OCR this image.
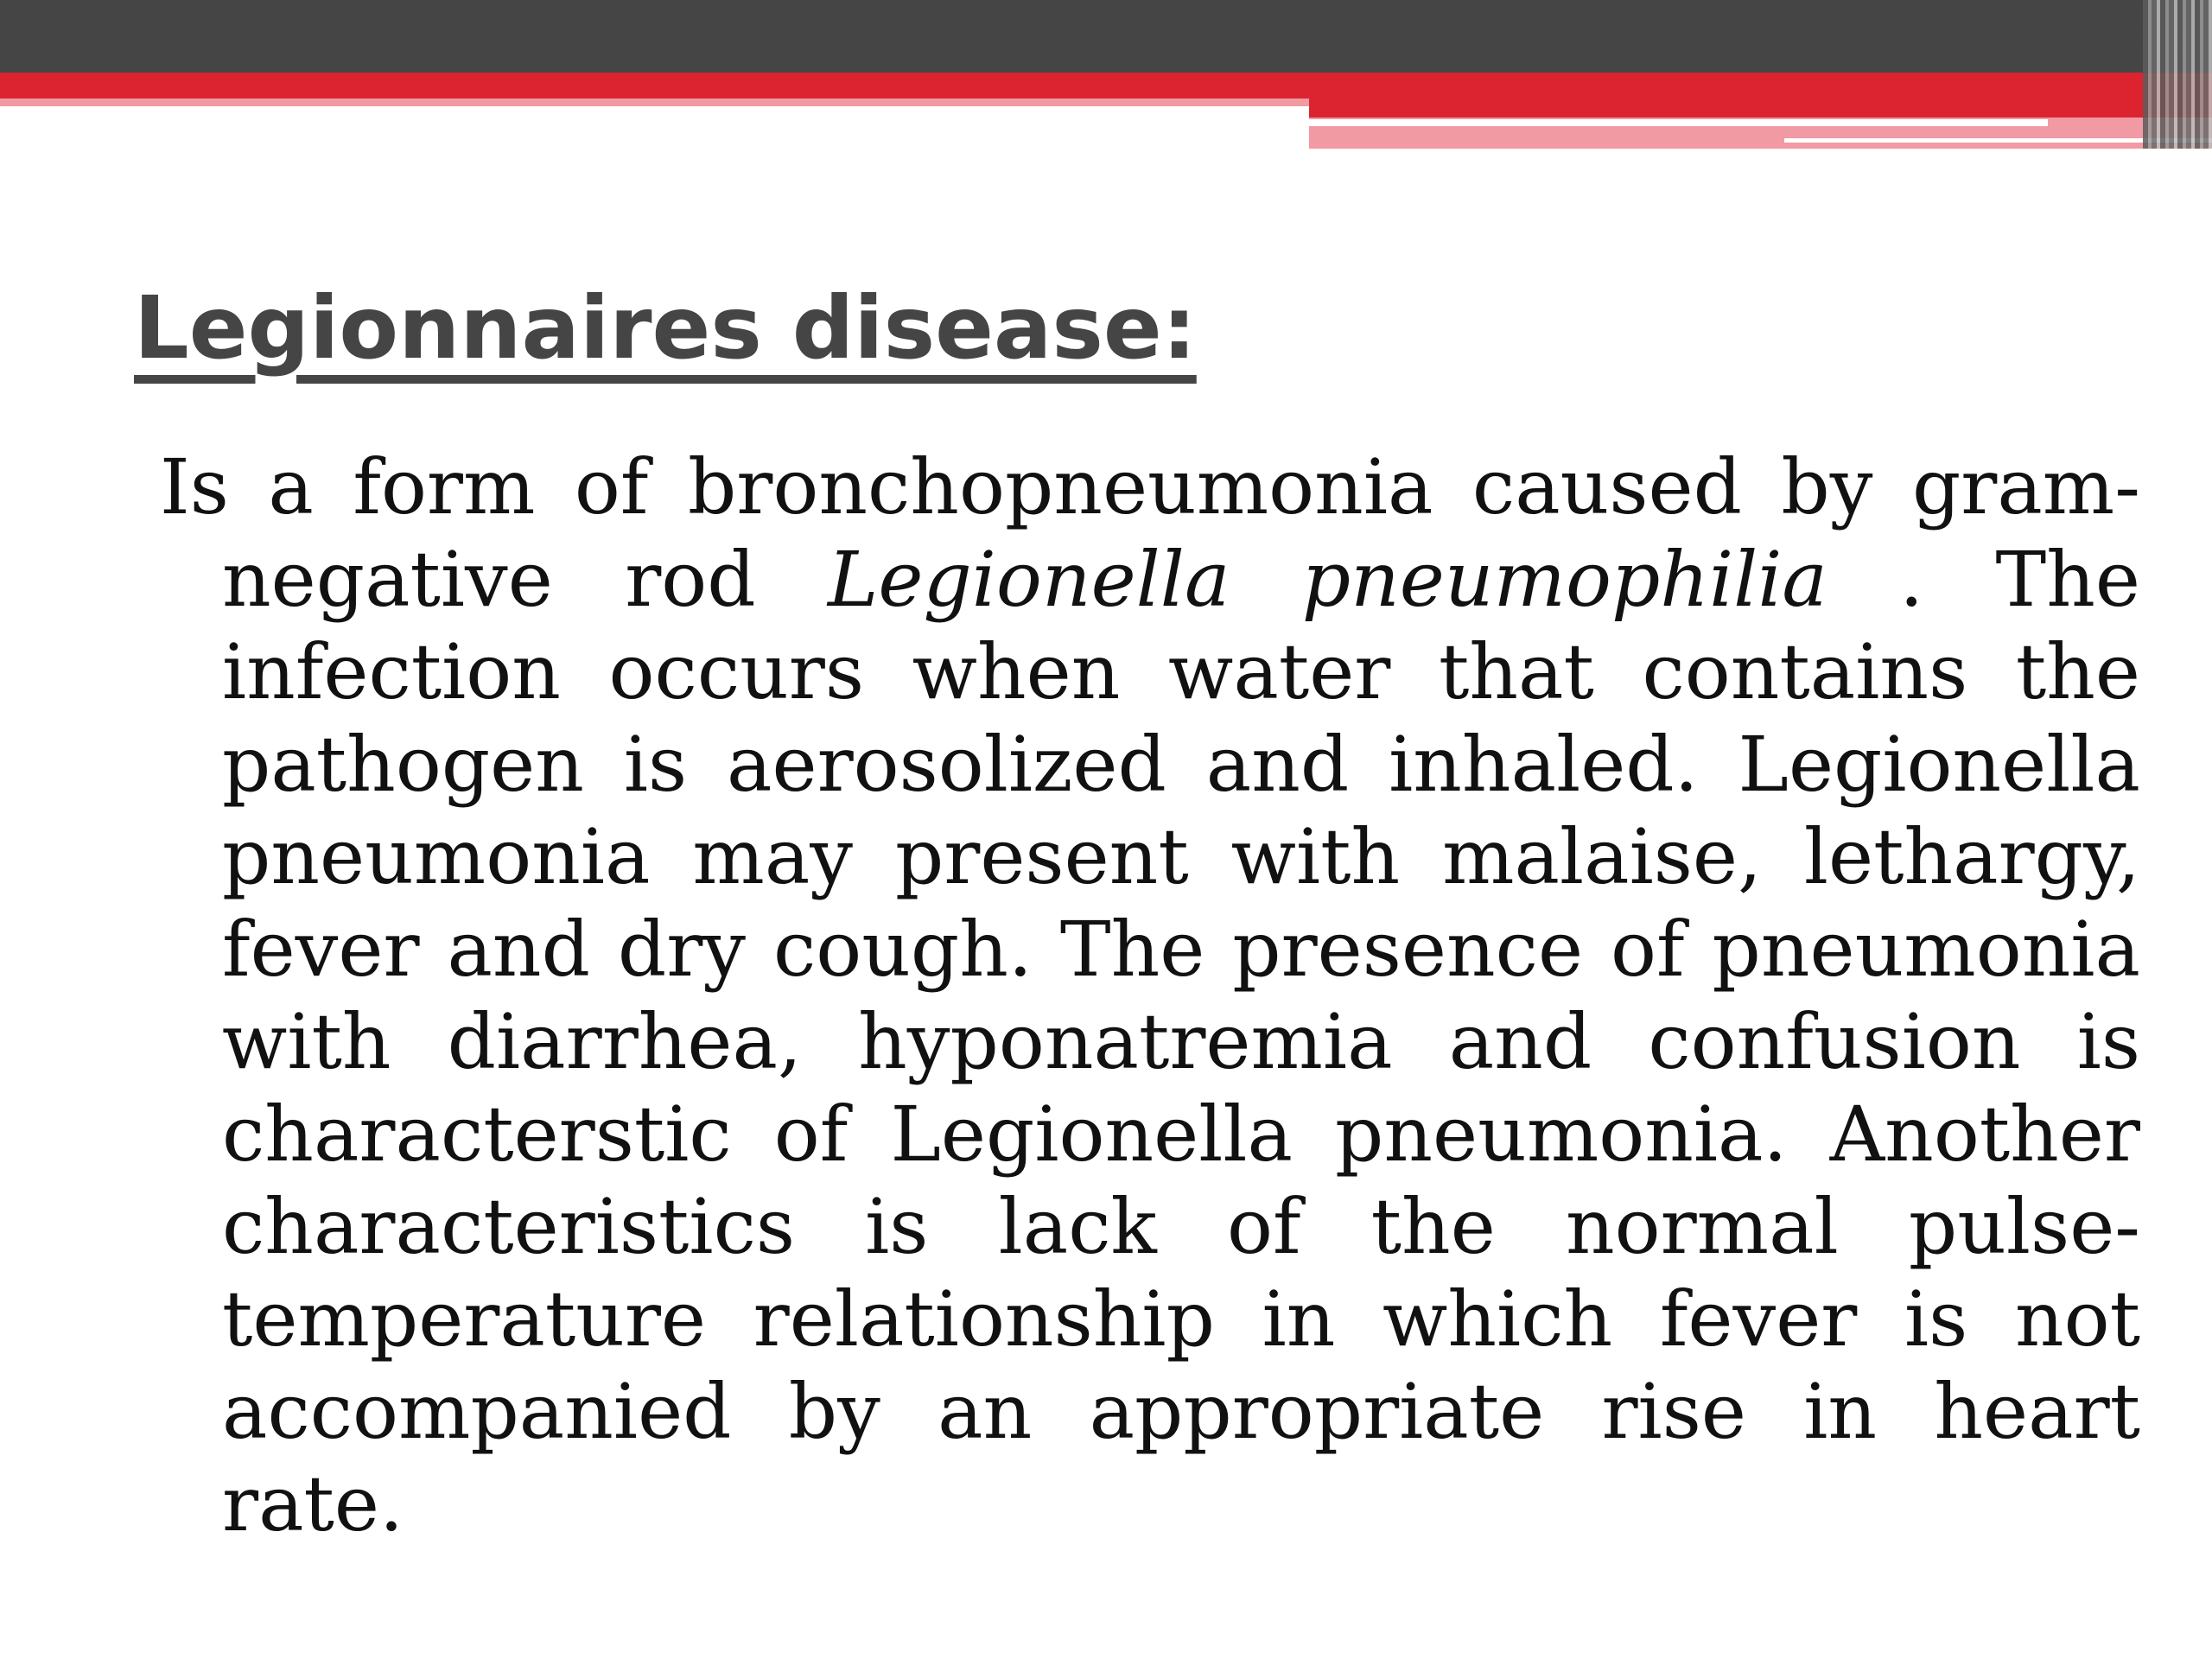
Legionnaires disease:

Is a form of bronchopneumonia caused by gram-negative rod Legionella pneumophilia . The infection occurs when water that contains the pathogen is aerosolized and inhaled. Legionella pneumonia may present with malaise, lethargy, fever and dry cough. The presence of pneumonia with diarrhea, hyponatremia and confusion is characterstic of Legionella pneumonia. Another characteristics is lack of the normal pulse-temperature relationship in which fever is not accompanied by an appropriate rise in heart rate.
